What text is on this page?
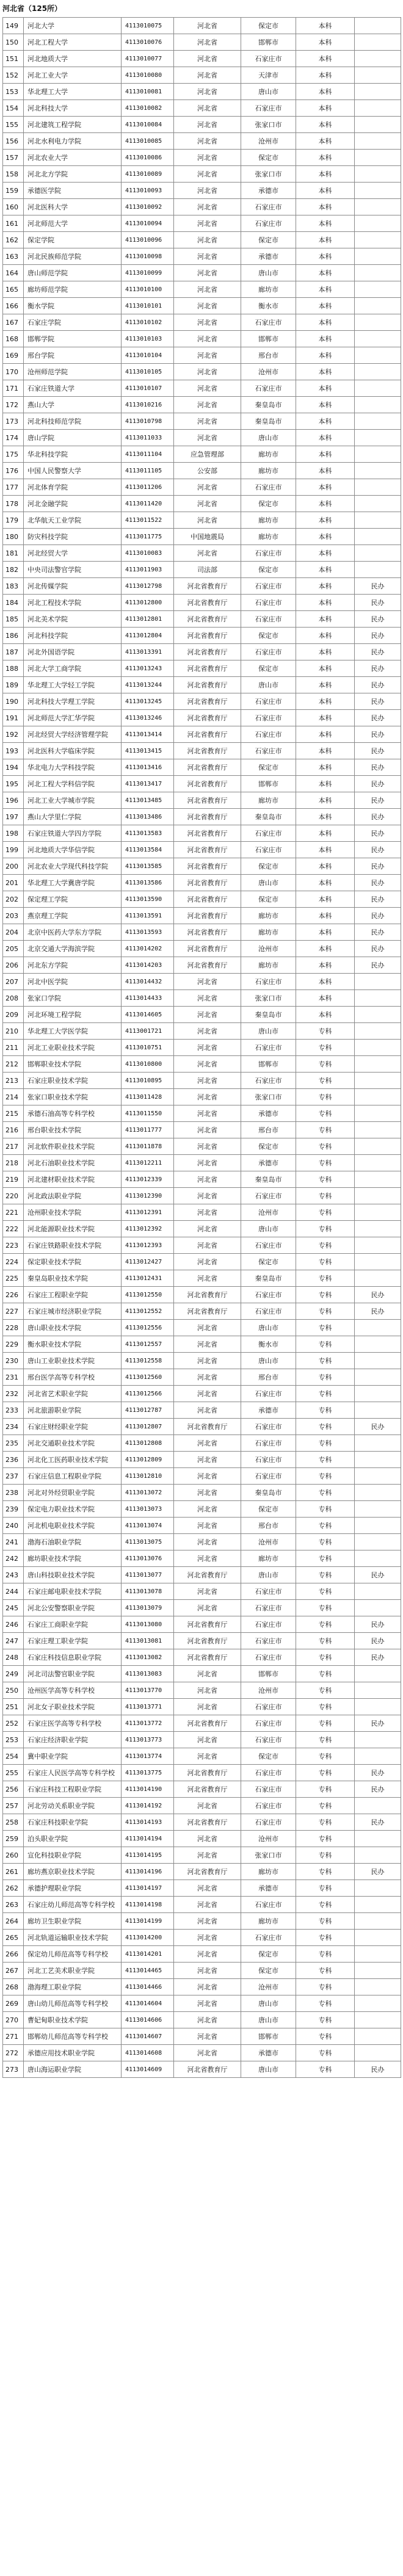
河北省（125所）
149	河北大学	4113010075	河北省	保定市	本科	
150	河北工程大学	4113010076	河北省	邯郸市	本科	
151	河北地质大学	4113010077	河北省	石家庄市	本科	
152	河北工业大学	4113010080	河北省	天津市	本科	
153	华北理工大学	4113010081	河北省	唐山市	本科	
154	河北科技大学	4113010082	河北省	石家庄市	本科	
155	河北建筑工程学院	4113010084	河北省	张家口市	本科	
156	河北水利电力学院	4113010085	河北省	沧州市	本科	
157	河北农业大学	4113010086	河北省	保定市	本科	
158	河北北方学院	4113010089	河北省	张家口市	本科	
159	承德医学院	4113010093	河北省	承德市	本科	
160	河北医科大学	4113010092	河北省	石家庄市	本科	
161	河北师范大学	4113010094	河北省	石家庄市	本科	
162	保定学院	4113010096	河北省	保定市	本科	
163	河北民族师范学院	4113010098	河北省	承德市	本科	
164	唐山师范学院	4113010099	河北省	唐山市	本科	
165	廊坊师范学院	4113010100	河北省	廊坊市	本科	
166	衡水学院	4113010101	河北省	衡水市	本科	
167	石家庄学院	4113010102	河北省	石家庄市	本科	
168	邯郸学院	4113010103	河北省	邯郸市	本科	
169	邢台学院	4113010104	河北省	邢台市	本科	
170	沧州师范学院	4113010105	河北省	沧州市	本科	
171	石家庄铁道大学	4113010107	河北省	石家庄市	本科	
172	燕山大学	4113010216	河北省	秦皇岛市	本科	
173	河北科技师范学院	4113010798	河北省	秦皇岛市	本科	
174	唐山学院	4113011033	河北省	唐山市	本科	
175	华北科技学院	4113011104	应急管理部	廊坊市	本科	
176	中国人民警察大学	4113011105	公安部	廊坊市	本科	
177	河北体育学院	4113011206	河北省	石家庄市	本科	
178	河北金融学院	4113011420	河北省	保定市	本科	
179	北华航天工业学院	4113011522	河北省	廊坊市	本科	
180	防灾科技学院	4113011775	中国地震局	廊坊市	本科	
181	河北经贸大学	4113010083	河北省	石家庄市	本科	
182	中央司法警官学院	4113011903	司法部	保定市	本科	
183	河北传媒学院	4113012798	河北省教育厅	石家庄市	本科	民办
184	河北工程技术学院	4113012800	河北省教育厅	石家庄市	本科	民办
185	河北美术学院	4113012801	河北省教育厅	石家庄市	本科	民办
186	河北科技学院	4113012804	河北省教育厅	保定市	本科	民办
187	河北外国语学院	4113013391	河北省教育厅	石家庄市	本科	民办
188	河北大学工商学院	4113013243	河北省教育厅	保定市	本科	民办
189	华北理工大学轻工学院	4113013244	河北省教育厅	唐山市	本科	民办
190	河北科技大学理工学院	4113013245	河北省教育厅	石家庄市	本科	民办
191	河北师范大学汇华学院	4113013246	河北省教育厅	石家庄市	本科	民办
192	河北经贸大学经济管理学院	4113013414	河北省教育厅	石家庄市	本科	民办
193	河北医科大学临床学院	4113013415	河北省教育厅	石家庄市	本科	民办
194	华北电力大学科技学院	4113013416	河北省教育厅	保定市	本科	民办
195	河北工程大学科信学院	4113013417	河北省教育厅	邯郸市	本科	民办
196	河北工业大学城市学院	4113013485	河北省教育厅	廊坊市	本科	民办
197	燕山大学里仁学院	4113013486	河北省教育厅	秦皇岛市	本科	民办
198	石家庄铁道大学四方学院	4113013583	河北省教育厅	石家庄市	本科	民办
199	河北地质大学华信学院	4113013584	河北省教育厅	石家庄市	本科	民办
200	河北农业大学现代科技学院	4113013585	河北省教育厅	保定市	本科	民办
201	华北理工大学冀唐学院	4113013586	河北省教育厅	唐山市	本科	民办
202	保定理工学院	4113013590	河北省教育厅	保定市	本科	民办
203	燕京理工学院	4113013591	河北省教育厅	廊坊市	本科	民办
204	北京中医药大学东方学院	4113013593	河北省教育厅	廊坊市	本科	民办
205	北京交通大学海滨学院	4113014202	河北省教育厅	沧州市	本科	民办
206	河北东方学院	4113014203	河北省教育厅	廊坊市	本科	民办
207	河北中医学院	4113014432	河北省	石家庄市	本科	
208	张家口学院	4113014433	河北省	张家口市	本科	
209	河北环境工程学院	4113014605	河北省	秦皇岛市	本科	
210	华北理工大学医学院	4113001721	河北省	唐山市	专科	
211	河北工业职业技术学院	4113010751	河北省	石家庄市	专科	
212	邯郸职业技术学院	4113010800	河北省	邯郸市	专科	
213	石家庄职业技术学院	4113010895	河北省	石家庄市	专科	
214	张家口职业技术学院	4113011428	河北省	张家口市	专科	
215	承德石油高等专科学校	4113011550	河北省	承德市	专科	
216	邢台职业技术学院	4113011777	河北省	邢台市	专科	
217	河北软件职业技术学院	4113011878	河北省	保定市	专科	
218	河北石油职业技术学院	4113012211	河北省	承德市	专科	
219	河北建材职业技术学院	4113012339	河北省	秦皇岛市	专科	
220	河北政法职业学院	4113012390	河北省	石家庄市	专科	
221	沧州职业技术学院	4113012391	河北省	沧州市	专科	
222	河北能源职业技术学院	4113012392	河北省	唐山市	专科	
223	石家庄铁路职业技术学院	4113012393	河北省	石家庄市	专科	
224	保定职业技术学院	4113012427	河北省	保定市	专科	
225	秦皇岛职业技术学院	4113012431	河北省	秦皇岛市	专科	
226	石家庄工程职业学院	4113012550	河北省教育厅	石家庄市	专科	民办
227	石家庄城市经济职业学院	4113012552	河北省教育厅	石家庄市	专科	民办
228	唐山职业技术学院	4113012556	河北省	唐山市	专科	
229	衡水职业技术学院	4113012557	河北省	衡水市	专科	
230	唐山工业职业技术学院	4113012558	河北省	唐山市	专科	
231	邢台医学高等专科学校	4113012560	河北省	邢台市	专科	
232	河北省艺术职业学院	4113012566	河北省	石家庄市	专科	
233	河北旅游职业学院	4113012787	河北省	承德市	专科	
234	石家庄财经职业学院	4113012807	河北省教育厅	石家庄市	专科	民办
235	河北交通职业技术学院	4113012808	河北省	石家庄市	专科	
236	河北化工医药职业技术学院	4113012809	河北省	石家庄市	专科	
237	石家庄信息工程职业学院	4113012810	河北省	石家庄市	专科	
238	河北对外经贸职业学院	4113013072	河北省	秦皇岛市	专科	
239	保定电力职业技术学院	4113013073	河北省	保定市	专科	
240	河北机电职业技术学院	4113013074	河北省	邢台市	专科	
241	渤海石油职业学院	4113013075	河北省	沧州市	专科	
242	廊坊职业技术学院	4113013076	河北省	廊坊市	专科	
243	唐山科技职业技术学院	4113013077	河北省教育厅	唐山市	专科	民办
244	石家庄邮电职业技术学院	4113013078	河北省	石家庄市	专科	
245	河北公安警察职业学院	4113013079	河北省	石家庄市	专科	
246	石家庄工商职业学院	4113013080	河北省教育厅	石家庄市	专科	民办
247	石家庄理工职业学院	4113013081	河北省教育厅	石家庄市	专科	民办
248	石家庄科技信息职业学院	4113013082	河北省教育厅	石家庄市	专科	民办
249	河北司法警官职业学院	4113013083	河北省	邯郸市	专科	
250	沧州医学高等专科学校	4113013770	河北省	沧州市	专科	
251	河北女子职业技术学院	4113013771	河北省	石家庄市	专科	
252	石家庄医学高等专科学校	4113013772	河北省教育厅	石家庄市	专科	民办
253	石家庄经济职业学院	4113013773	河北省	石家庄市	专科	
254	冀中职业学院	4113013774	河北省	保定市	专科	
255	石家庄人民医学高等专科学校	4113013775	河北省教育厅	石家庄市	专科	民办
256	石家庄科技工程职业学院	4113014190	河北省教育厅	石家庄市	专科	民办
257	河北劳动关系职业学院	4113014192	河北省	石家庄市	专科	
258	石家庄科技职业学院	4113014193	河北省教育厅	石家庄市	专科	民办
259	泊头职业学院	4113014194	河北省	沧州市	专科	
260	宣化科技职业学院	4113014195	河北省	张家口市	专科	
261	廊坊燕京职业技术学院	4113014196	河北省教育厅	廊坊市	专科	民办
262	承德护理职业学院	4113014197	河北省	承德市	专科	
263	石家庄幼儿师范高等专科学校	4113014198	河北省	石家庄市	专科	
264	廊坊卫生职业学院	4113014199	河北省	廊坊市	专科	
265	河北轨道运输职业技术学院	4113014200	河北省	石家庄市	专科	
266	保定幼儿师范高等专科学校	4113014201	河北省	保定市	专科	
267	河北工艺美术职业学院	4113014465	河北省	保定市	专科	
268	渤海理工职业学院	4113014466	河北省	沧州市	专科	
269	唐山幼儿师范高等专科学校	4113014604	河北省	唐山市	专科	
270	曹妃甸职业技术学院	4113014606	河北省	唐山市	专科	
271	邯郸幼儿师范高等专科学校	4113014607	河北省	邯郸市	专科	
272	承德应用技术职业学院	4113014608	河北省	承德市	专科	
273	唐山海运职业学院	4113014609	河北省教育厅	唐山市	专科	民办
